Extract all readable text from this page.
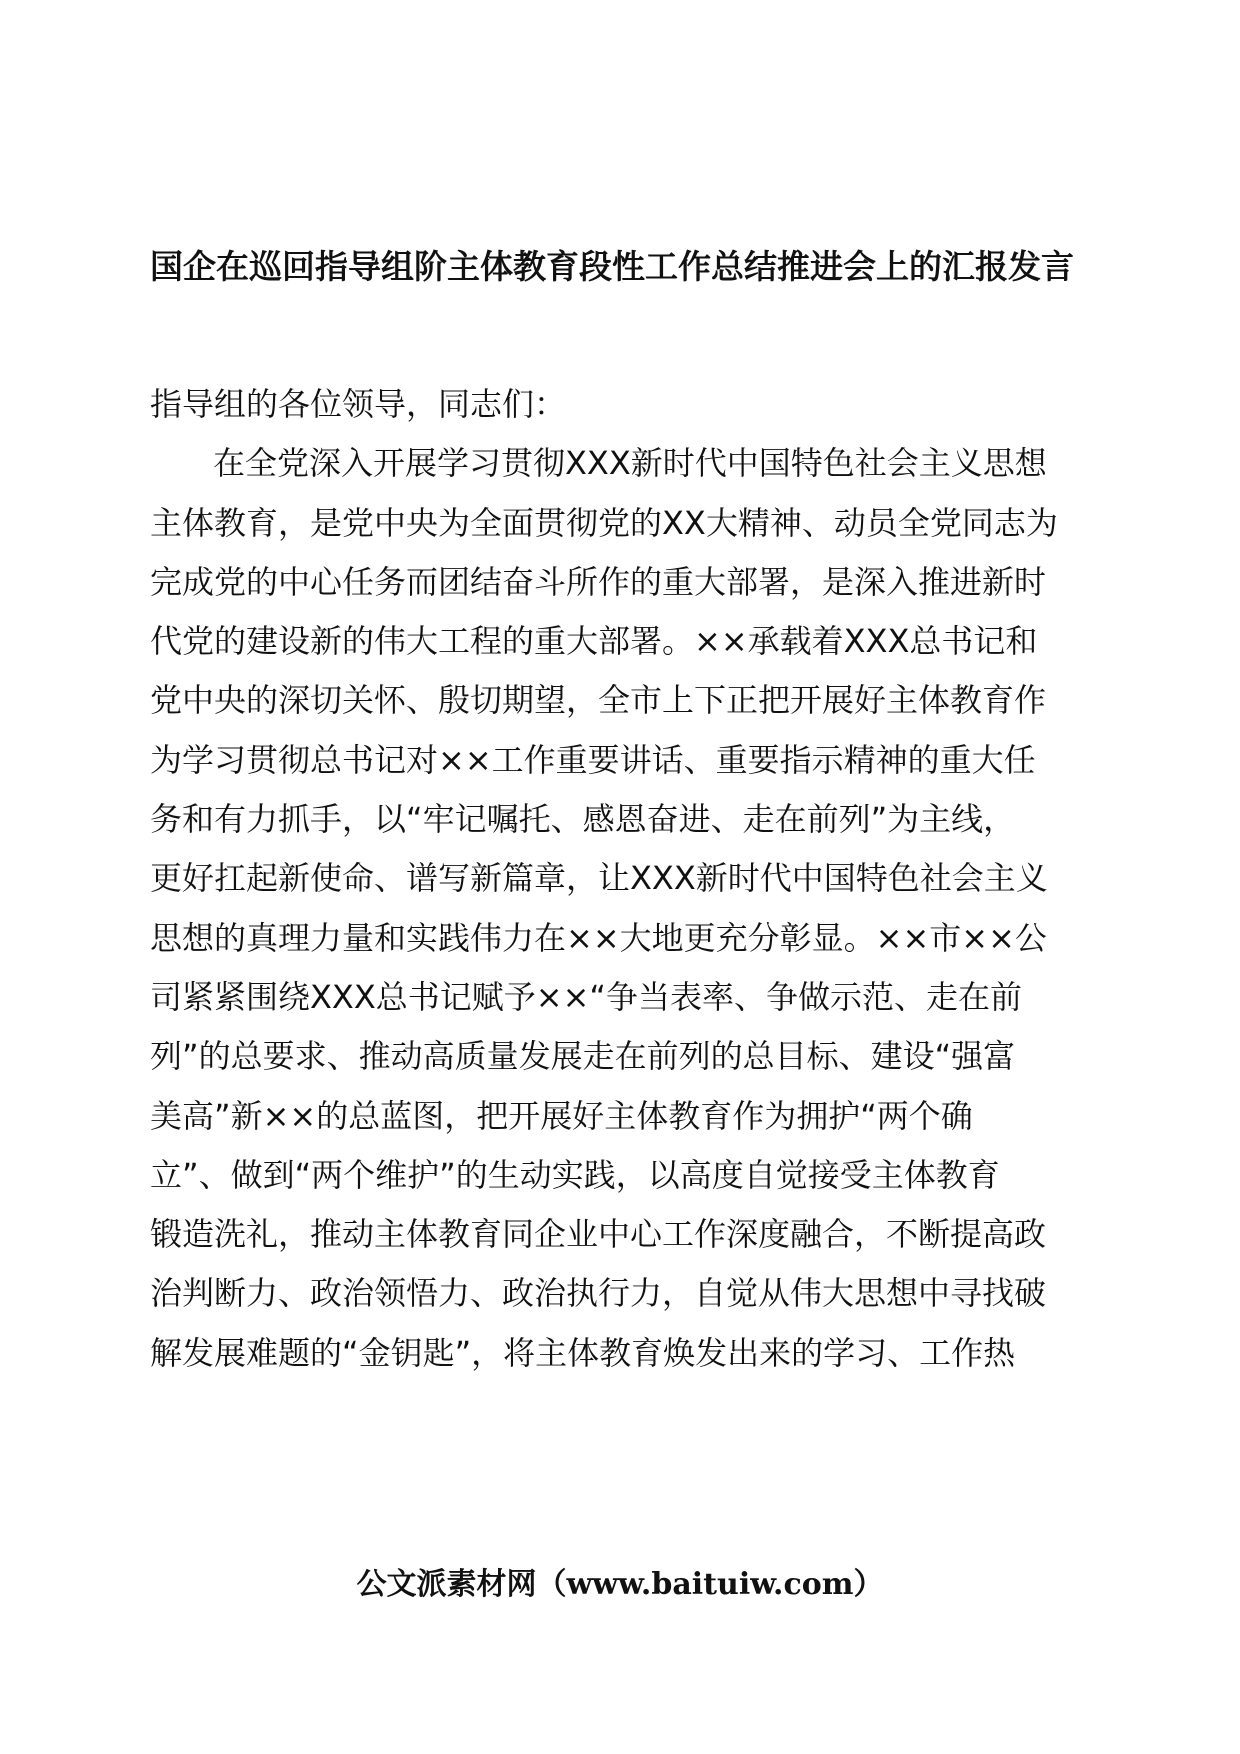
国企在巡回指导组阶主体教育段性工作总结推进会上的汇报发言
指导组的各位领导，同志们：
在全党深入开展学习贯彻XXX新时代中国特色社会主义思想
主体教育，是党中央为全面贯彻党的XX大精神、动员全党同志为
完成党的中心任务而团结奋斗所作的重大部署，是深入推进新时
代党的建设新的伟大工程的重大部署。××承载着XXX总书记和
党中央的深切关怀、殷切期望，全市上下正把开展好主体教育作
为学习贯彻总书记对××工作重要讲话、重要指示精神的重大任
务和有力抓手，以“牢记嘱托、感恩奋进、走在前列”为主线，
更好扛起新使命、谱写新篇章，让XXX新时代中国特色社会主义
思想的真理力量和实践伟力在××大地更充分彰显。××市××公
司紧紧围绕XXX总书记赋予××“争当表率、争做示范、走在前
列”的总要求、推动高质量发展走在前列的总目标、建设“强富
美高”新××的总蓝图，把开展好主体教育作为拥护“两个确
立”、做到“两个维护”的生动实践，以高度自觉接受主体教育
锻造洗礼，推动主体教育同企业中心工作深度融合，不断提高政
治判断力、政治领悟力、政治执行力，自觉从伟大思想中寻找破
解发展难题的“金钥匙”，将主体教育焕发出来的学习、工作热
公文派素材网（www.baituiw.com）
